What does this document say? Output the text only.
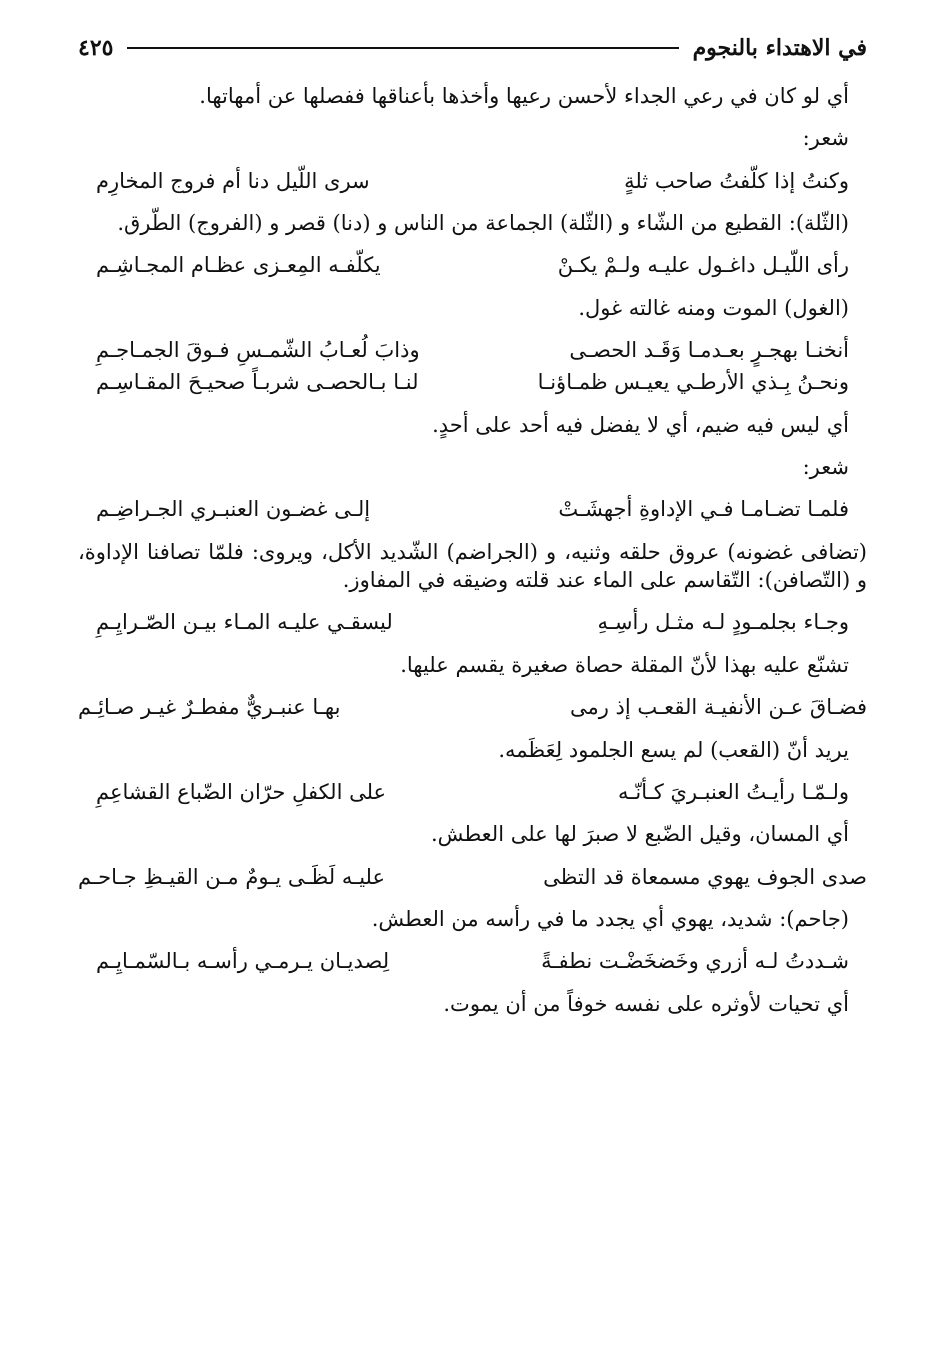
في الاهتداء بالنجوم
٤٢٥
أي لو كان في رعي الجداء لأحسن رعيها وأخذها بأعناقها ففصلها عن أمهاتها.
شعر:
وكنتُ إذا كلّفتُ صاحب ثلةٍ
سرى اللّيل دنا أم فروج المخارِم
(الثّلة): القطيع من الشّاء و (الثّلة) الجماعة من الناس و (دنا) قصر و (الفروج) الطّرق.
رأى اللّيـل داغـول عليـه ولـمْ يكـنْ
يكلّفـه المِعـزى عظـام المجـاشِـم
(الغول) الموت ومنه غالته غول.
أنخنـا بهجـرٍ بعـدمـا وَقَـد الحصـى
وذابَ لُعـابُ الشّمـسِ فـوقَ الجمـاجـمِ
ونحـنُ بِـذي الأرطـي يعيـس ظمـاؤنـا
لنـا بـالحصـى شربـاً صحيـحَ المقـاسِـم
أي ليس فيه ضيم، أي لا يفضل فيه أحد على أحدٍ.
شعر:
فلمـا تضـامـا فـي الإداوةِ أجهشَـتْ
إلـى غضـون العنبـري الجـراضِـم
(تضافى غضونه) عروق حلقه وثنيه، و (الجراضم) الشّديد الأكل، ويروى: فلمّا تصافنا الإداوة، و (التّصافن): التّقاسم على الماء عند قلته وضيقه في المفاوز.
وجـاء بجلمـودٍ لـه مثـل رأسِـهِ
ليسقـي عليـه المـاء بيـن الصّـرايِـمِ
تشنّع عليه بهذا لأنّ المقلة حصاة صغيرة يقسم عليها.
فضـاقَ عـن الأنفيـة القعـب إذ رمى
بهـا عنبـريٌّ مفطـرٌ غيـر صـائِـم
يريد أنّ (القعب) لم يسع الجلمود لِعَظَمه.
ولـمّـا رأيـتُ العنبـريَ كـأنّـه
على الكفلِ حرّان الضّباع القشاعِمِ
أي المسان، وقيل الضّبع لا صبرَ لها على العطش.
صدى الجوف يهوي مسمعاة قد التظى
عليـه لَظَـى يـومٌ مـن القيـظِ جـاحـم
(جاحم): شديد، يهوي أي يجدد ما في رأسه من العطش.
شـددتُ لـه أزري وخَضخَضْـت نطفـةً
لِصديـان يـرمـي رأسـه بـالسّمـايِـم
أي تحيات لأوثره على نفسه خوفاً من أن يموت.
